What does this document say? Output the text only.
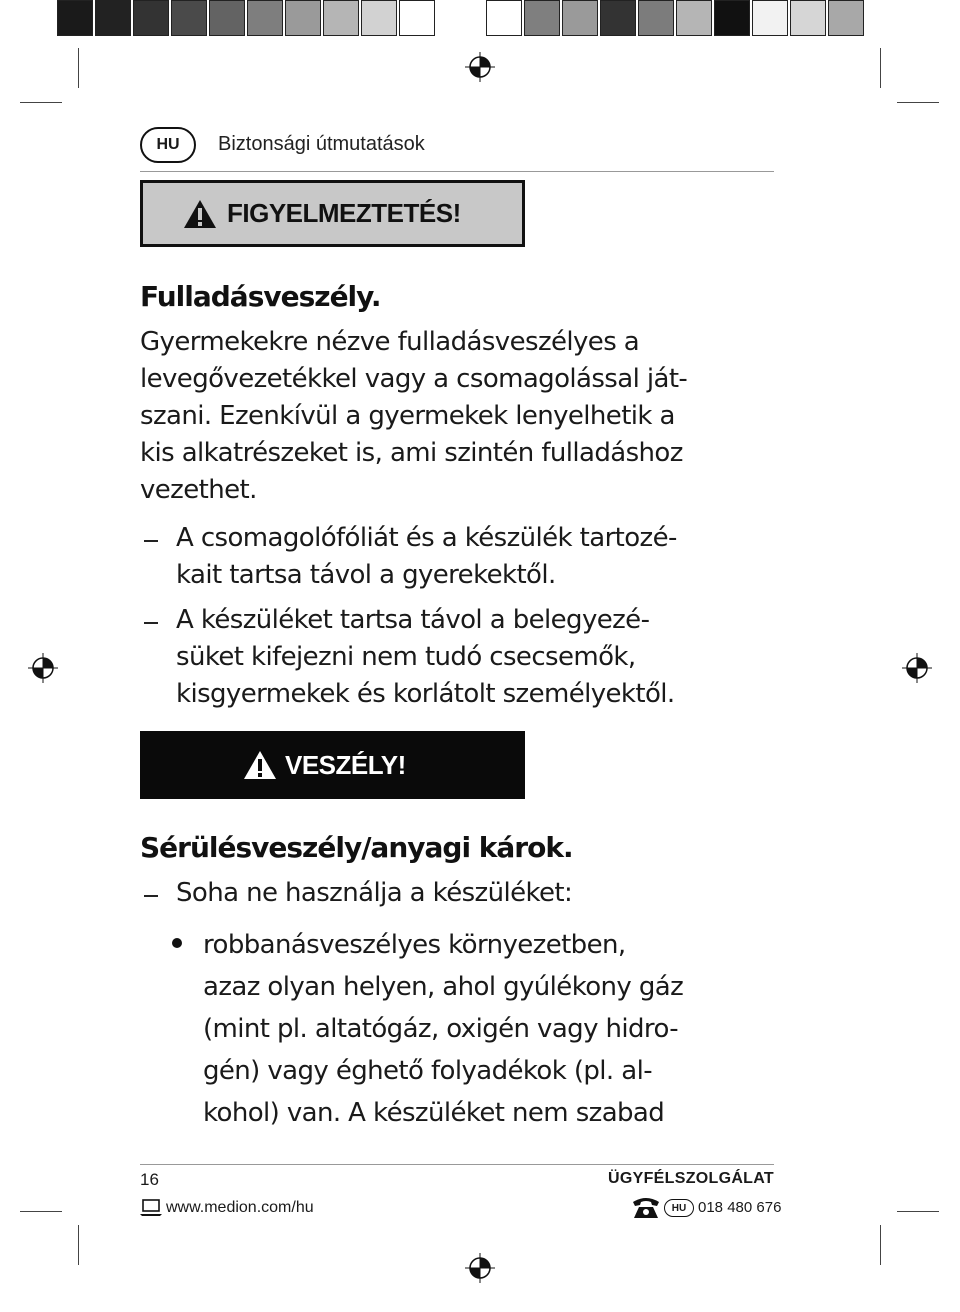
HU	Biztonsági útmutatások
FIGYELMEZTETÉS!
Fulladásveszély.
Gyermekekre nézve fulladásveszélyes a
levegővezetékkel vagy a csomagolással ját-
szani. Ezenkívül a gyermekek lenyelhetik a
kis alkatrészeket is, ami szintén fulladáshoz
vezethet.
A csomagolófóliát és a készülék tartozé-
kait tartsa távol a gyerekektől.
A készüléket tartsa távol a belegyezé-
süket kifejezni nem tudó csecsemők,
kisgyermekek és korlátolt személyektől.
VESZÉLY!
Sérülésveszély/anyagi károk.
Soha ne használja a készüléket:
robbanásveszélyes környezetben,
azaz olyan helyen, ahol gyúlékony gáz
(mint pl. altatógáz, oxigén vagy hidro-
gén) vagy éghető folyadékok (pl. al-
kohol) van. A készüléket nem szabad
16	ÜGYFÉLSZOLGÁLAT
www.medion.com/hu	HU 018 480 676
